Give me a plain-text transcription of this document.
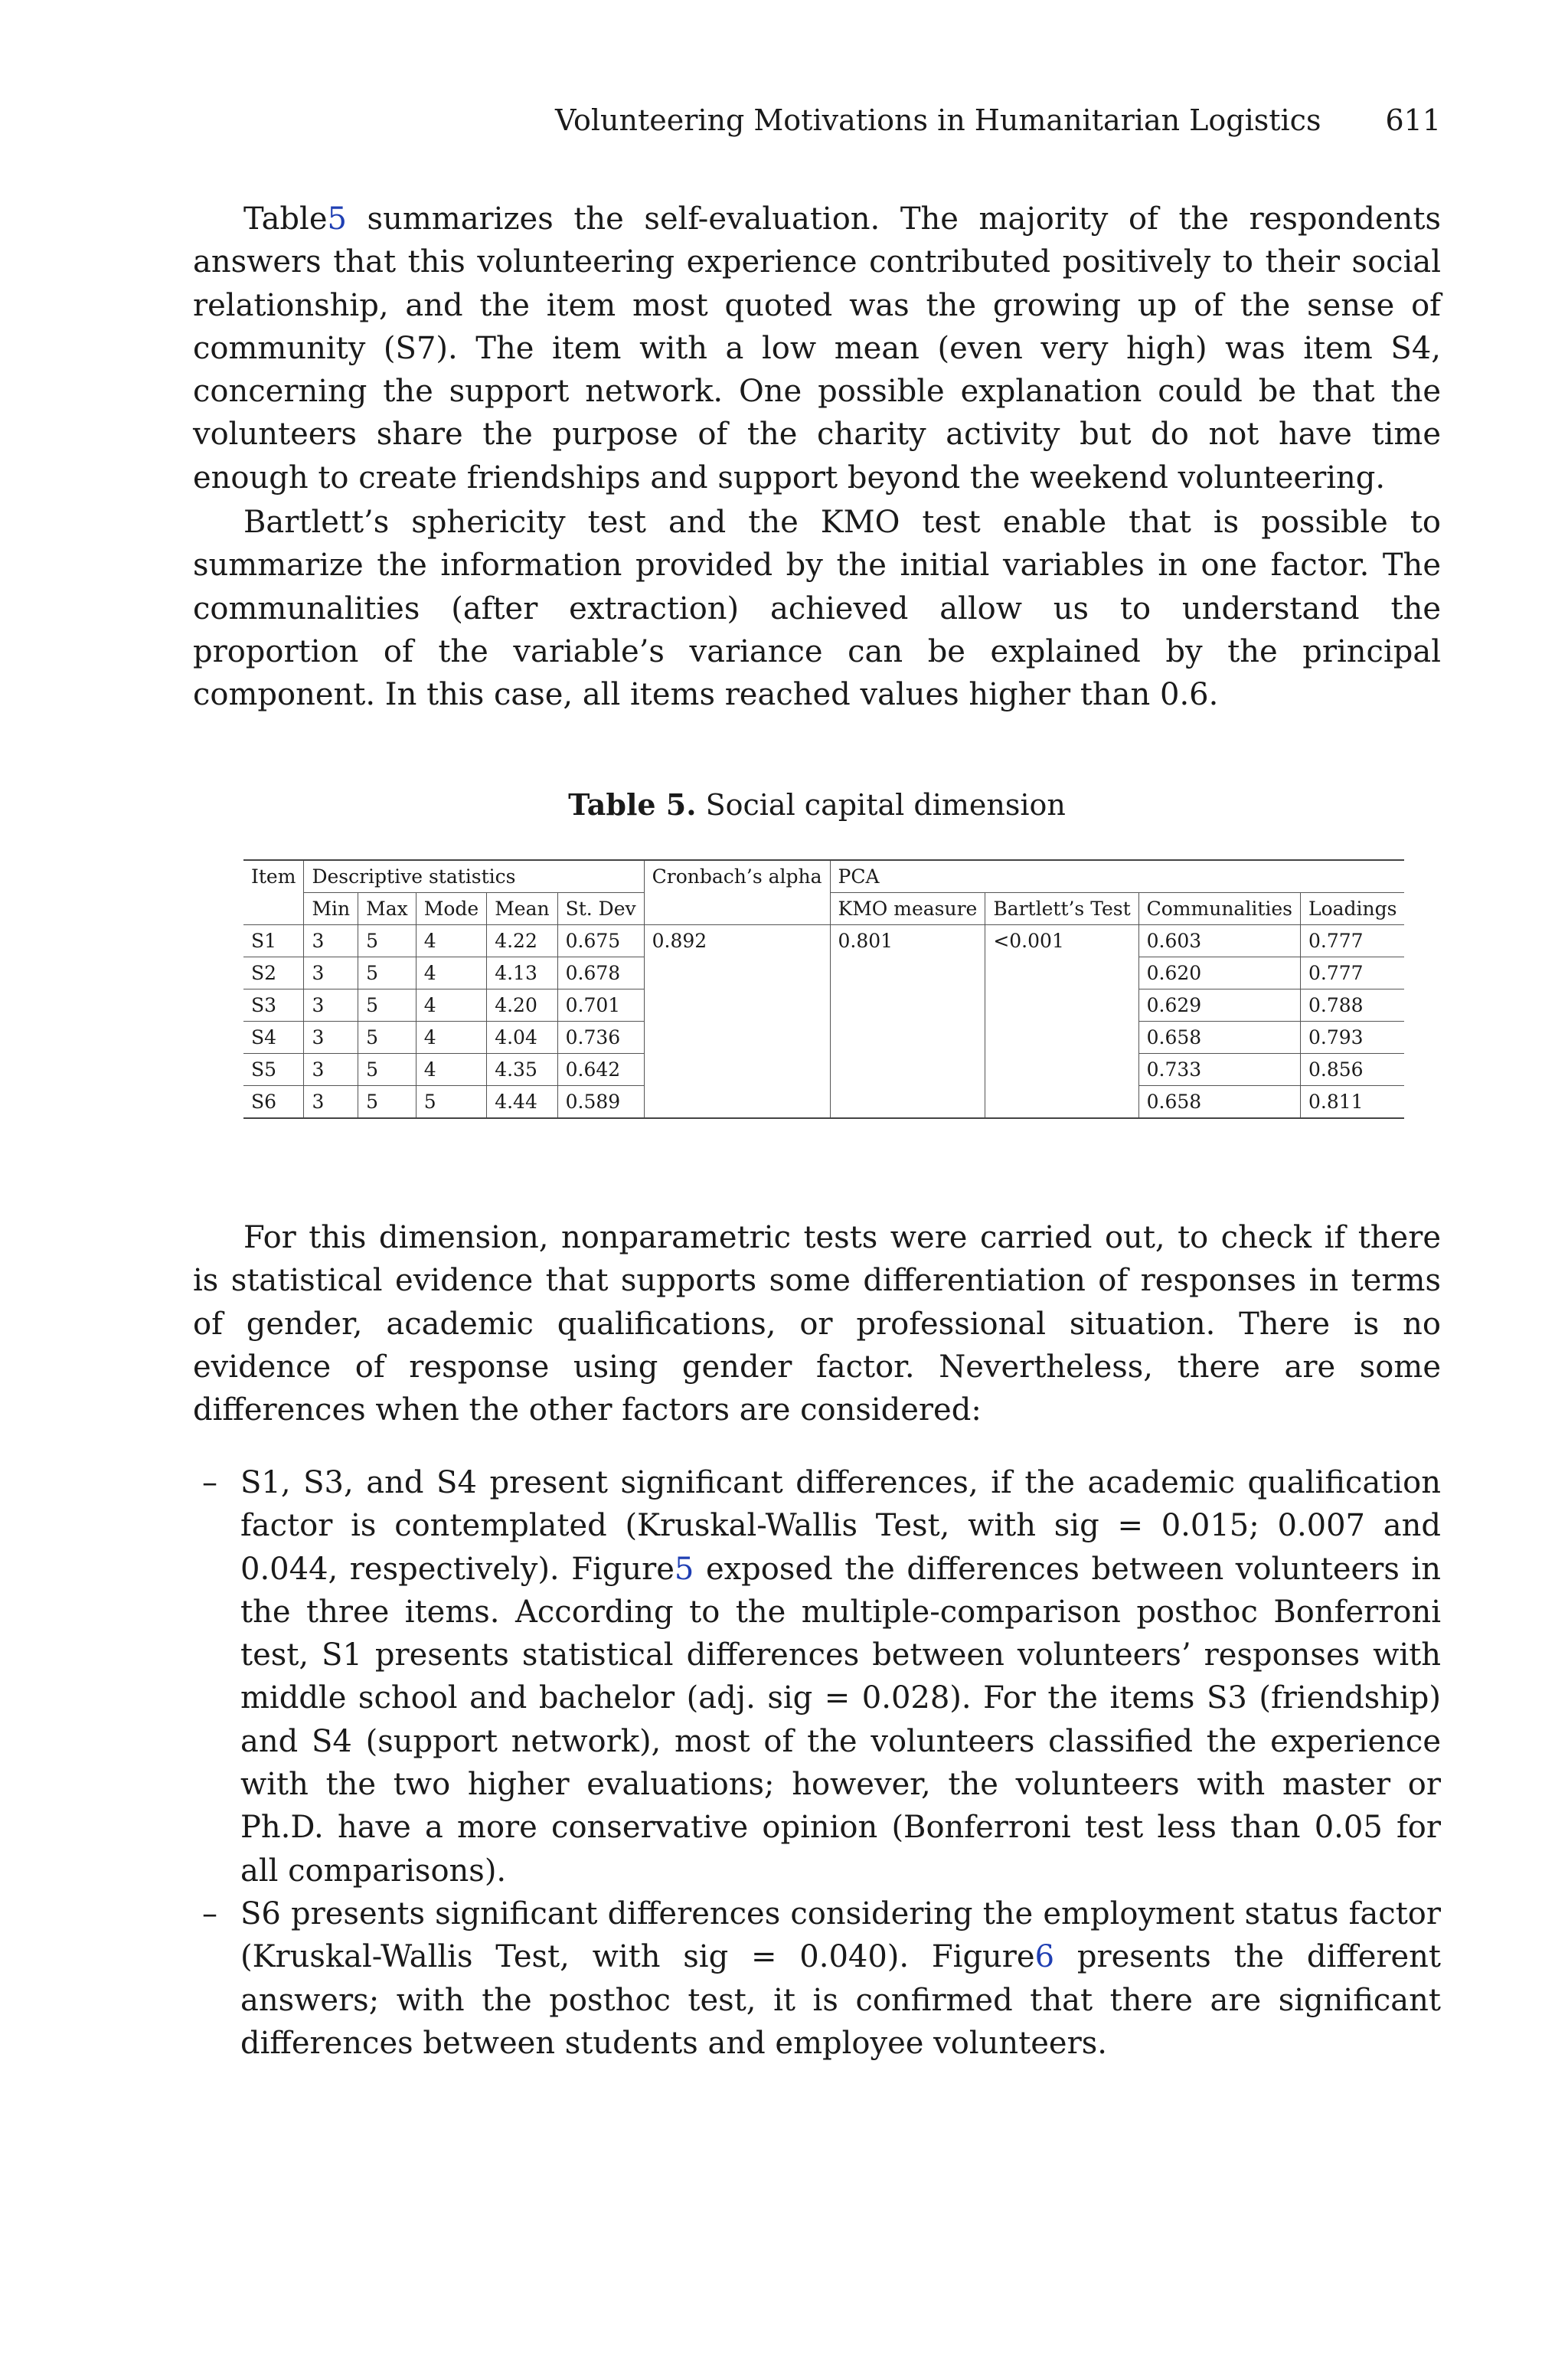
Volunteering Motivations in Humanitarian Logistics 611

Table5 summarizes the self-evaluation. The majority of the respondents answers that this volunteering experience contributed positively to their social relationship, and the item most quoted was the growing up of the sense of community (S7). The item with a low mean (even very high) was item S4, concerning the support network. One possible explanation could be that the volunteers share the purpose of the charity activity but do not have time enough to create friendships and support beyond the weekend volunteering.

Bartlett’s sphericity test and the KMO test enable that is possible to summarize the information provided by the initial variables in one factor. The communalities (after extraction) achieved allow us to understand the proportion of the variable’s variance can be explained by the principal component. In this case, all items reached values higher than 0.6.

Table 5. Social capital dimension
Item	Descriptive statistics					Cronbach’s alpha	PCA			
	Min	Max	Mode	Mean	St. Dev		KMO measure	Bartlett’s Test	Communalities	Loadings
S1	3	5	4	4.22	0.675	0.892	0.801	<0.001	0.603	0.777
S2	3	5	4	4.13	0.678				0.620	0.777
S3	3	5	4	4.20	0.701				0.629	0.788
S4	3	5	4	4.04	0.736				0.658	0.793
S5	3	5	4	4.35	0.642				0.733	0.856
S6	3	5	5	4.44	0.589				0.658	0.811

For this dimension, nonparametric tests were carried out, to check if there is statistical evidence that supports some differentiation of responses in terms of gender, academic qualifications, or professional situation. There is no evidence of response using gender factor. Nevertheless, there are some differences when the other factors are considered:

– S1, S3, and S4 present significant differences, if the academic qualification factor is contemplated (Kruskal-Wallis Test, with sig = 0.015; 0.007 and 0.044, respectively). Figure5 exposed the differences between volunteers in the three items. According to the multiple-comparison posthoc Bonferroni test, S1 presents statistical differences between volunteers’ responses with middle school and bachelor (adj. sig = 0.028). For the items S3 (friendship) and S4 (support network), most of the volunteers classified the experience with the two higher evaluations; however, the volunteers with master or Ph.D. have a more conservative opinion (Bonferroni test less than 0.05 for all comparisons).
– S6 presents significant differences considering the employment status factor (Kruskal-Wallis Test, with sig = 0.040). Figure6 presents the different answers; with the posthoc test, it is confirmed that there are significant differences between students and employee volunteers.
